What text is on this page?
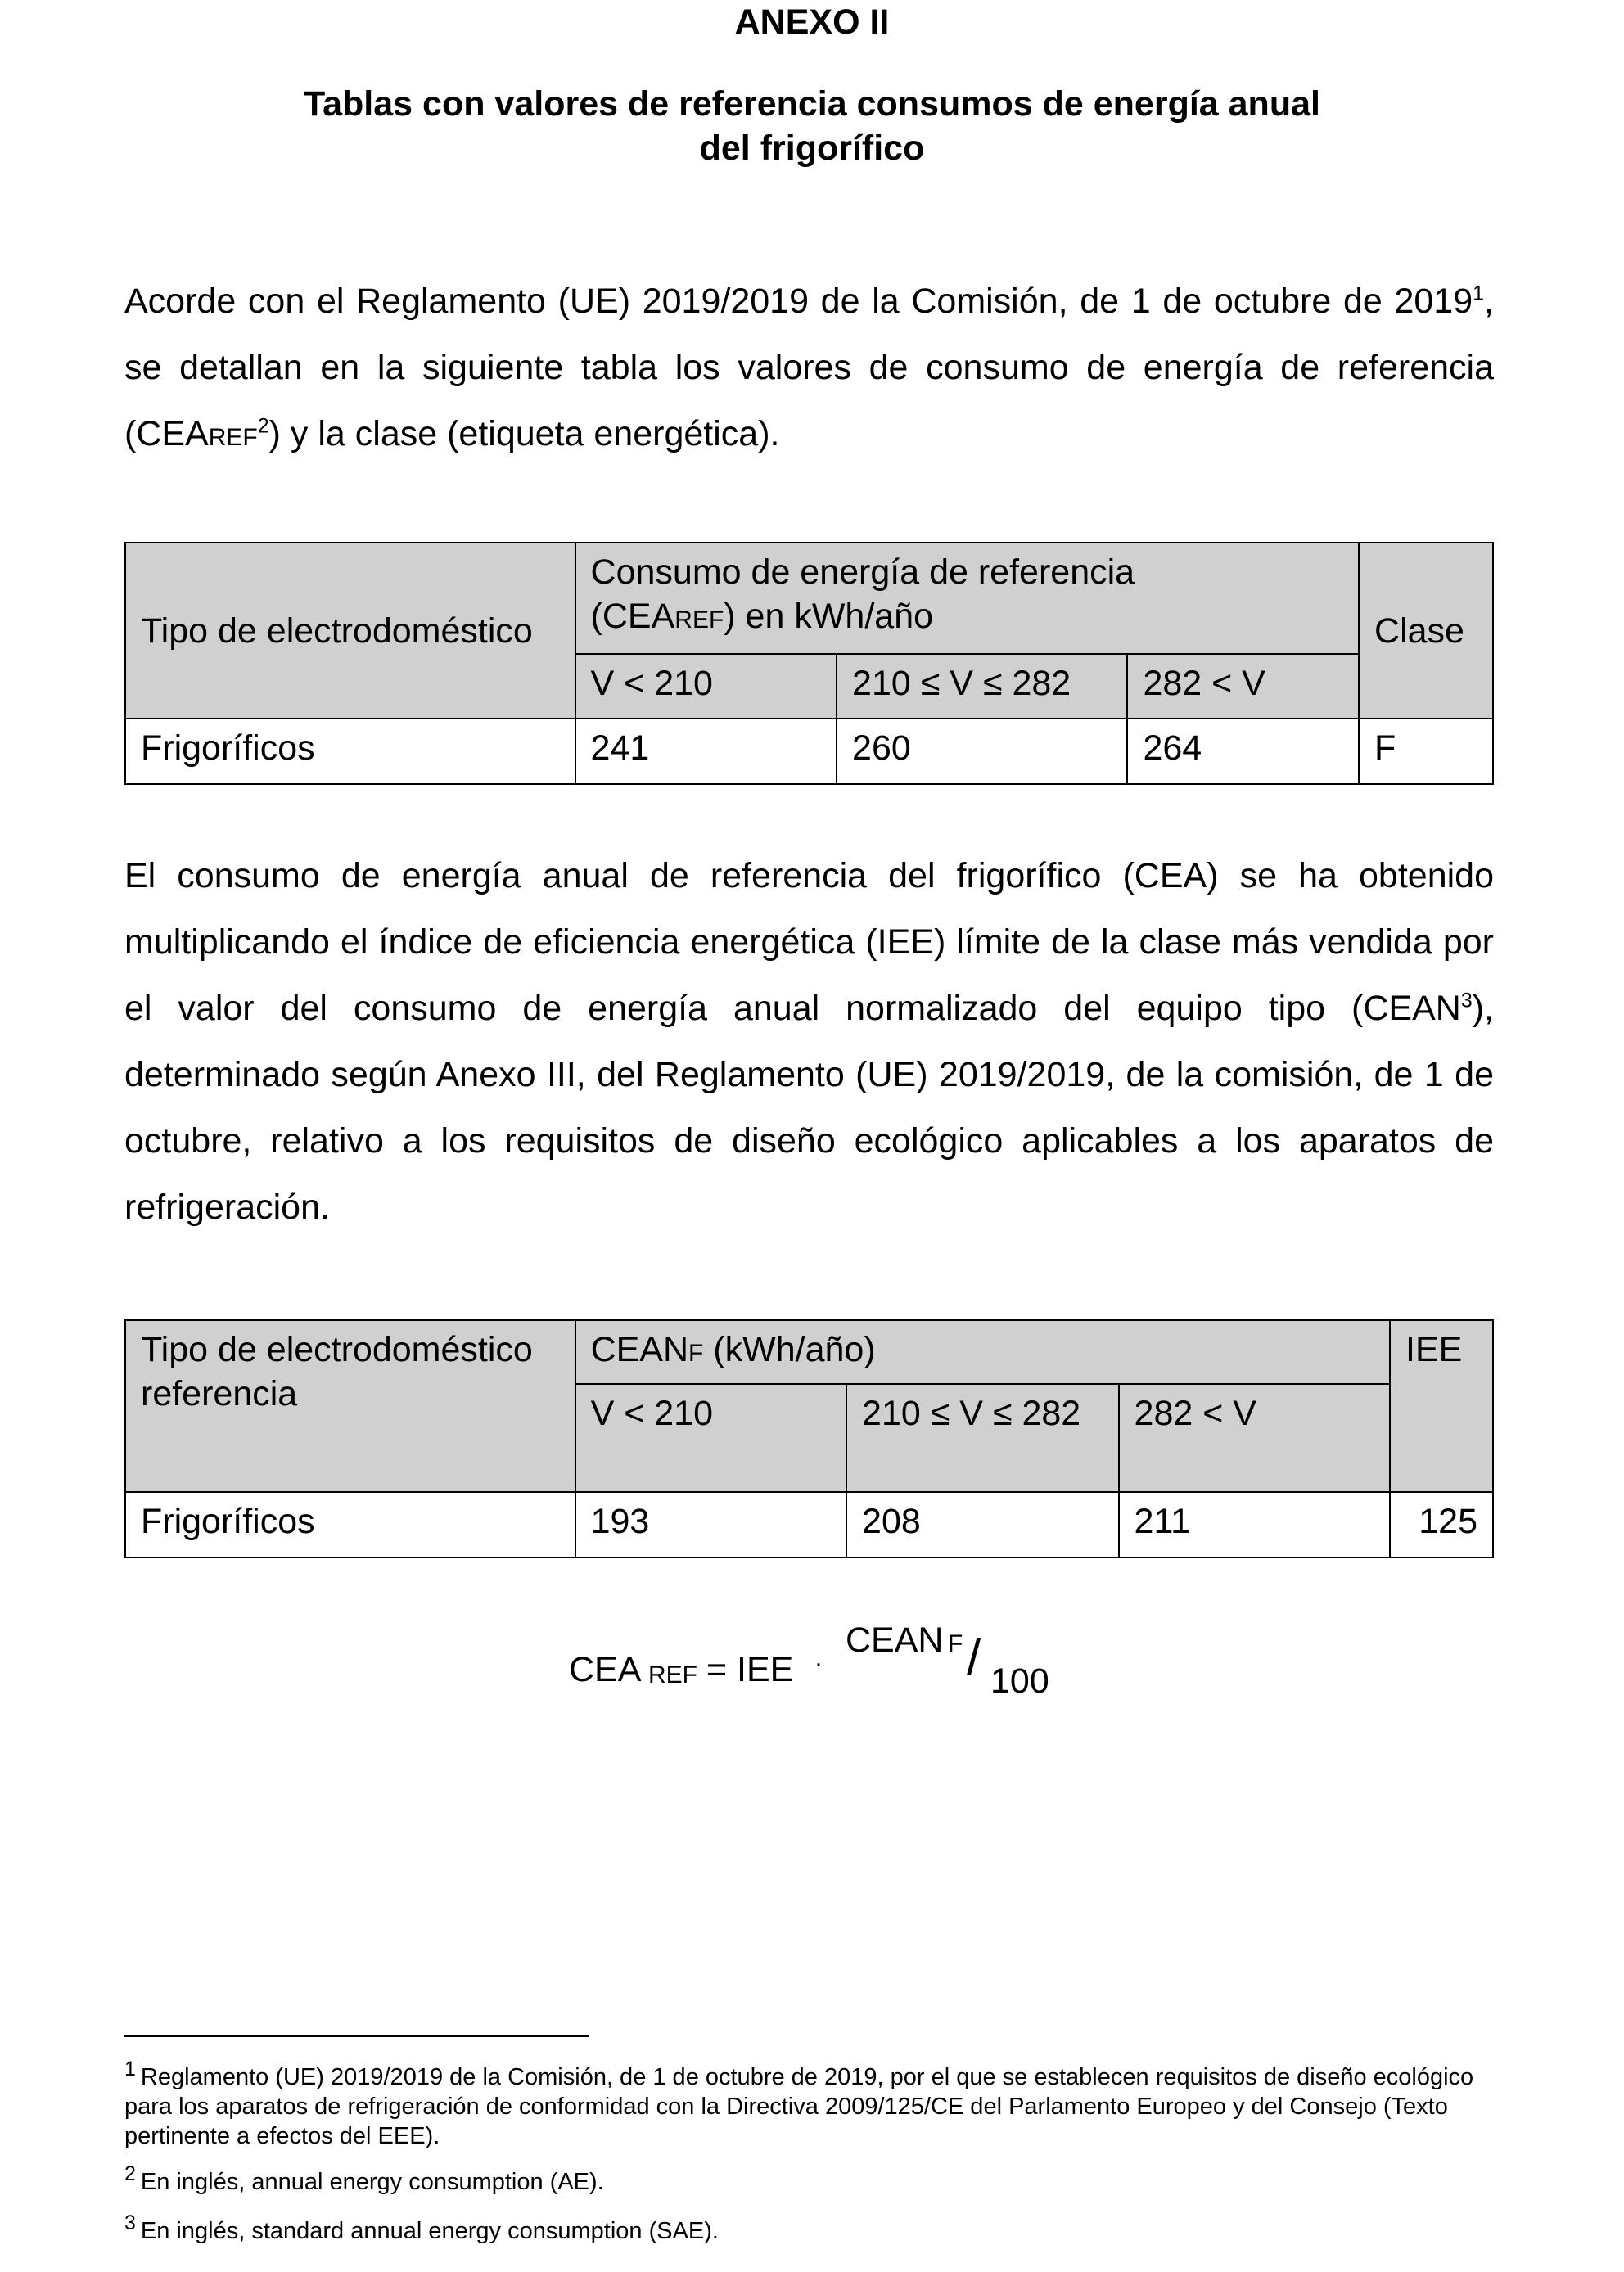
ANEXO II
Tablas con valores de referencia consumos de energía anual
del frigorífico

Acorde con el Reglamento (UE) 2019/2019 de la Comisión, de 1 de octubre de 2019$^1$, se detallan en la siguiente tabla los valores de consumo de energía de referencia (CEAREF$^2$) y la clase (etiqueta energética).

Tipo de electrodoméstico	Consumo de energía de referencia
(CEAREF) en kWh/año			Clase
	V < 210	210 ≤ V ≤ 282	282 < V	
Frigoríficos	241	260	264	F

El consumo de energía anual de referencia del frigorífico (CEA) se ha obtenido multiplicando el índice de eficiencia energética (IEE) límite de la clase más vendida por el valor del consumo de energía anual normalizado del equipo tipo (CEAN$^3$), determinado según Anexo III, del Reglamento (UE) 2019/2019, de la comisión, de 1 de octubre, relativo a los requisitos de diseño ecológico aplicables a los aparatos de refrigeración.

Tipo de electrodoméstico referencia	CEANF (kWh/año)			IEE
	V < 210	210 ≤ V ≤ 282	282 < V	
Frigoríficos	193	208	211	125
CEA REF = IEE ·
CEAN F / 100

1 Reglamento (UE) 2019/2019 de la Comisión, de 1 de octubre de 2019, por el que se establecen requisitos de diseño ecológico para los aparatos de refrigeración de conformidad con la Directiva 2009/125/CE del Parlamento Europeo y del Consejo (Texto pertinente a efectos del EEE).

2 En inglés, annual energy consumption (AE).

3 En inglés, standard annual energy consumption (SAE).
